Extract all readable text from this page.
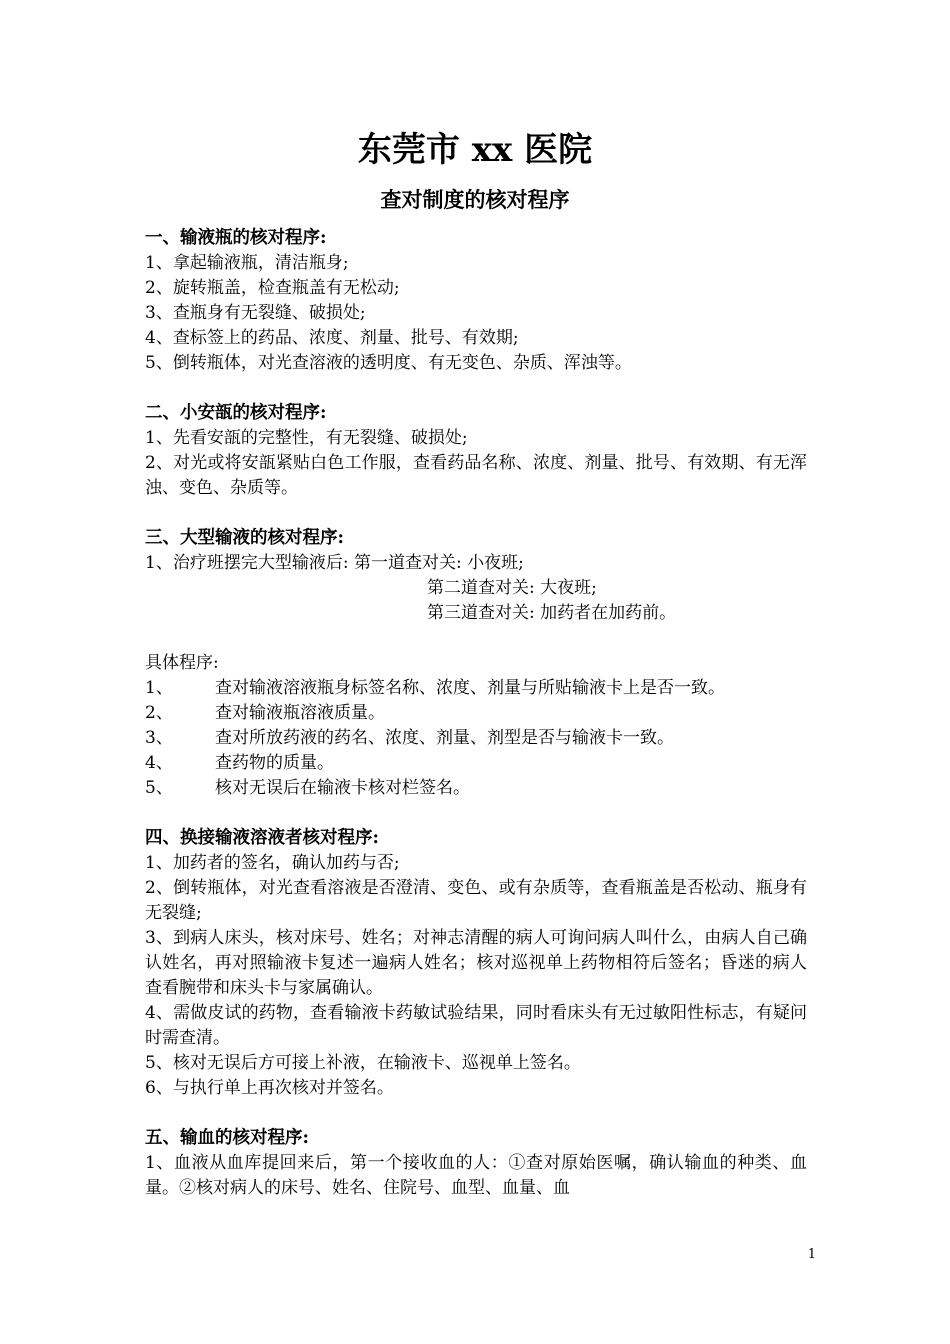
东莞市 xx 医院
查对制度的核对程序
一、输液瓶的核对程序:
1、拿起输液瓶，清洁瓶身;
2、旋转瓶盖，检查瓶盖有无松动;
3、查瓶身有无裂缝、破损处;
4、查标签上的药品、浓度、剂量、批号、有效期;
5、倒转瓶体，对光查溶液的透明度、有无变色、杂质、浑浊等。
二、小安瓿的核对程序:
1、先看安瓿的完整性，有无裂缝、破损处;
2、对光或将安瓿紧贴白色工作服，查看药品名称、浓度、剂量、批号、有效期、有无浑浊、变色、杂质等。
三、大型输液的核对程序:
1、治疗班摆完大型输液后: 第一道查对关: 小夜班;
第二道查对关: 大夜班;
第三道查对关: 加药者在加药前。
具体程序:
1、	查对输液溶液瓶身标签名称、浓度、剂量与所贴输液卡上是否一致。
2、	查对输液瓶溶液质量。
3、	查对所放药液的药名、浓度、剂量、剂型是否与输液卡一致。
4、	查药物的质量。
5、	核对无误后在输液卡核对栏签名。
四、换接输液溶液者核对程序:
1、加药者的签名，确认加药与否;
2、倒转瓶体，对光查看溶液是否澄清、变色、或有杂质等，查看瓶盖是否松动、瓶身有无裂缝;
3、到病人床头，核对床号、姓名；对神志清醒的病人可询问病人叫什么，由病人自己确认姓名，再对照输液卡复述一遍病人姓名；核对巡视单上药物相符后签名；昏迷的病人查看腕带和床头卡与家属确认。
4、需做皮试的药物，查看输液卡药敏试验结果，同时看床头有无过敏阳性标志，有疑问时需查清。
5、核对无误后方可接上补液，在输液卡、巡视单上签名。
6、与执行单上再次核对并签名。
五、输血的核对程序:
1、血液从血库提回来后，第一个接收血的人：①查对原始医嘱，确认输血的种类、血量。②核对病人的床号、姓名、住院号、血型、血量、血
1
